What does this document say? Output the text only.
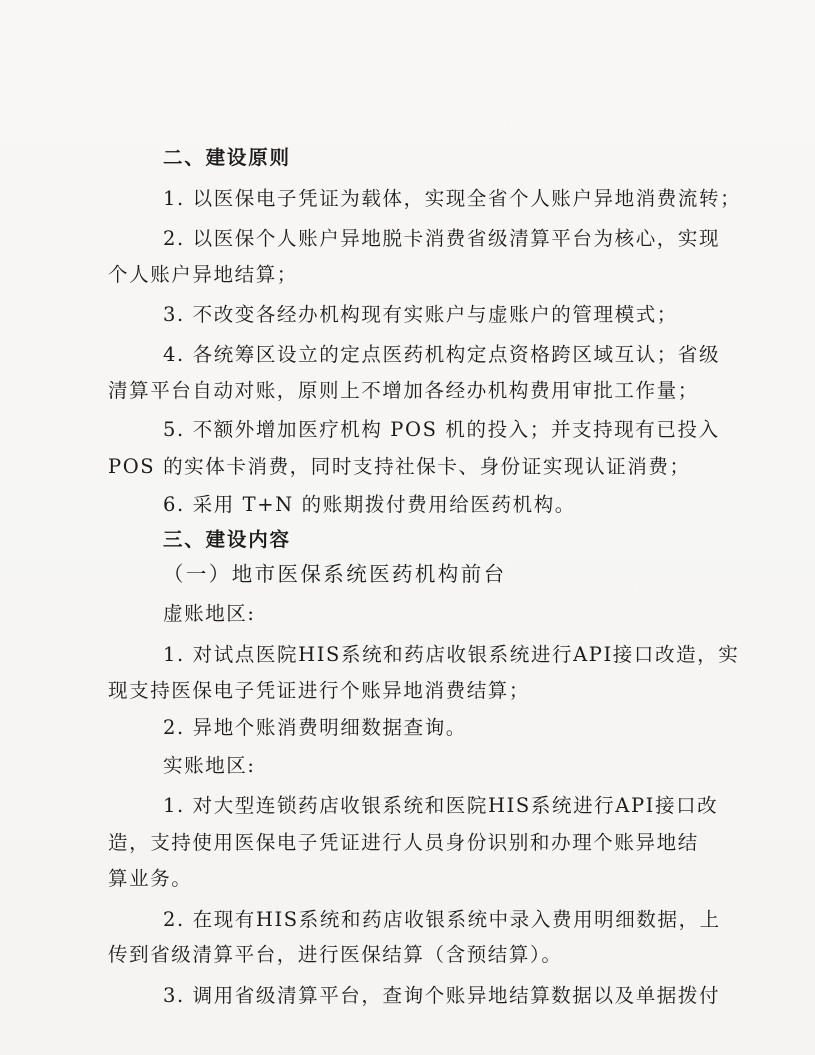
二、建设原则
1. 以医保电子凭证为载体，实现全省个人账户异地消费流转；
2. 以医保个人账户异地脱卡消费省级清算平台为核心，实现
个人账户异地结算；
3. 不改变各经办机构现有实账户与虚账户的管理模式；
4. 各统筹区设立的定点医药机构定点资格跨区域互认；省级
清算平台自动对账，原则上不增加各经办机构费用审批工作量；
5. 不额外增加医疗机构 POS 机的投入；并支持现有已投入
POS 的实体卡消费，同时支持社保卡、身份证实现认证消费；
6. 采用 T+N 的账期拨付费用给医药机构。
三、建设内容
（一）地市医保系统医药机构前台
虚账地区:
1. 对试点医院HIS系统和药店收银系统进行API接口改造，实
现支持医保电子凭证进行个账异地消费结算；
2. 异地个账消费明细数据查询。
实账地区:
1. 对大型连锁药店收银系统和医院HIS系统进行API接口改
造，支持使用医保电子凭证进行人员身份识别和办理个账异地结
算业务。
2. 在现有HIS系统和药店收银系统中录入费用明细数据，上
传到省级清算平台，进行医保结算（含预结算）。
3. 调用省级清算平台，查询个账异地结算数据以及单据拨付
